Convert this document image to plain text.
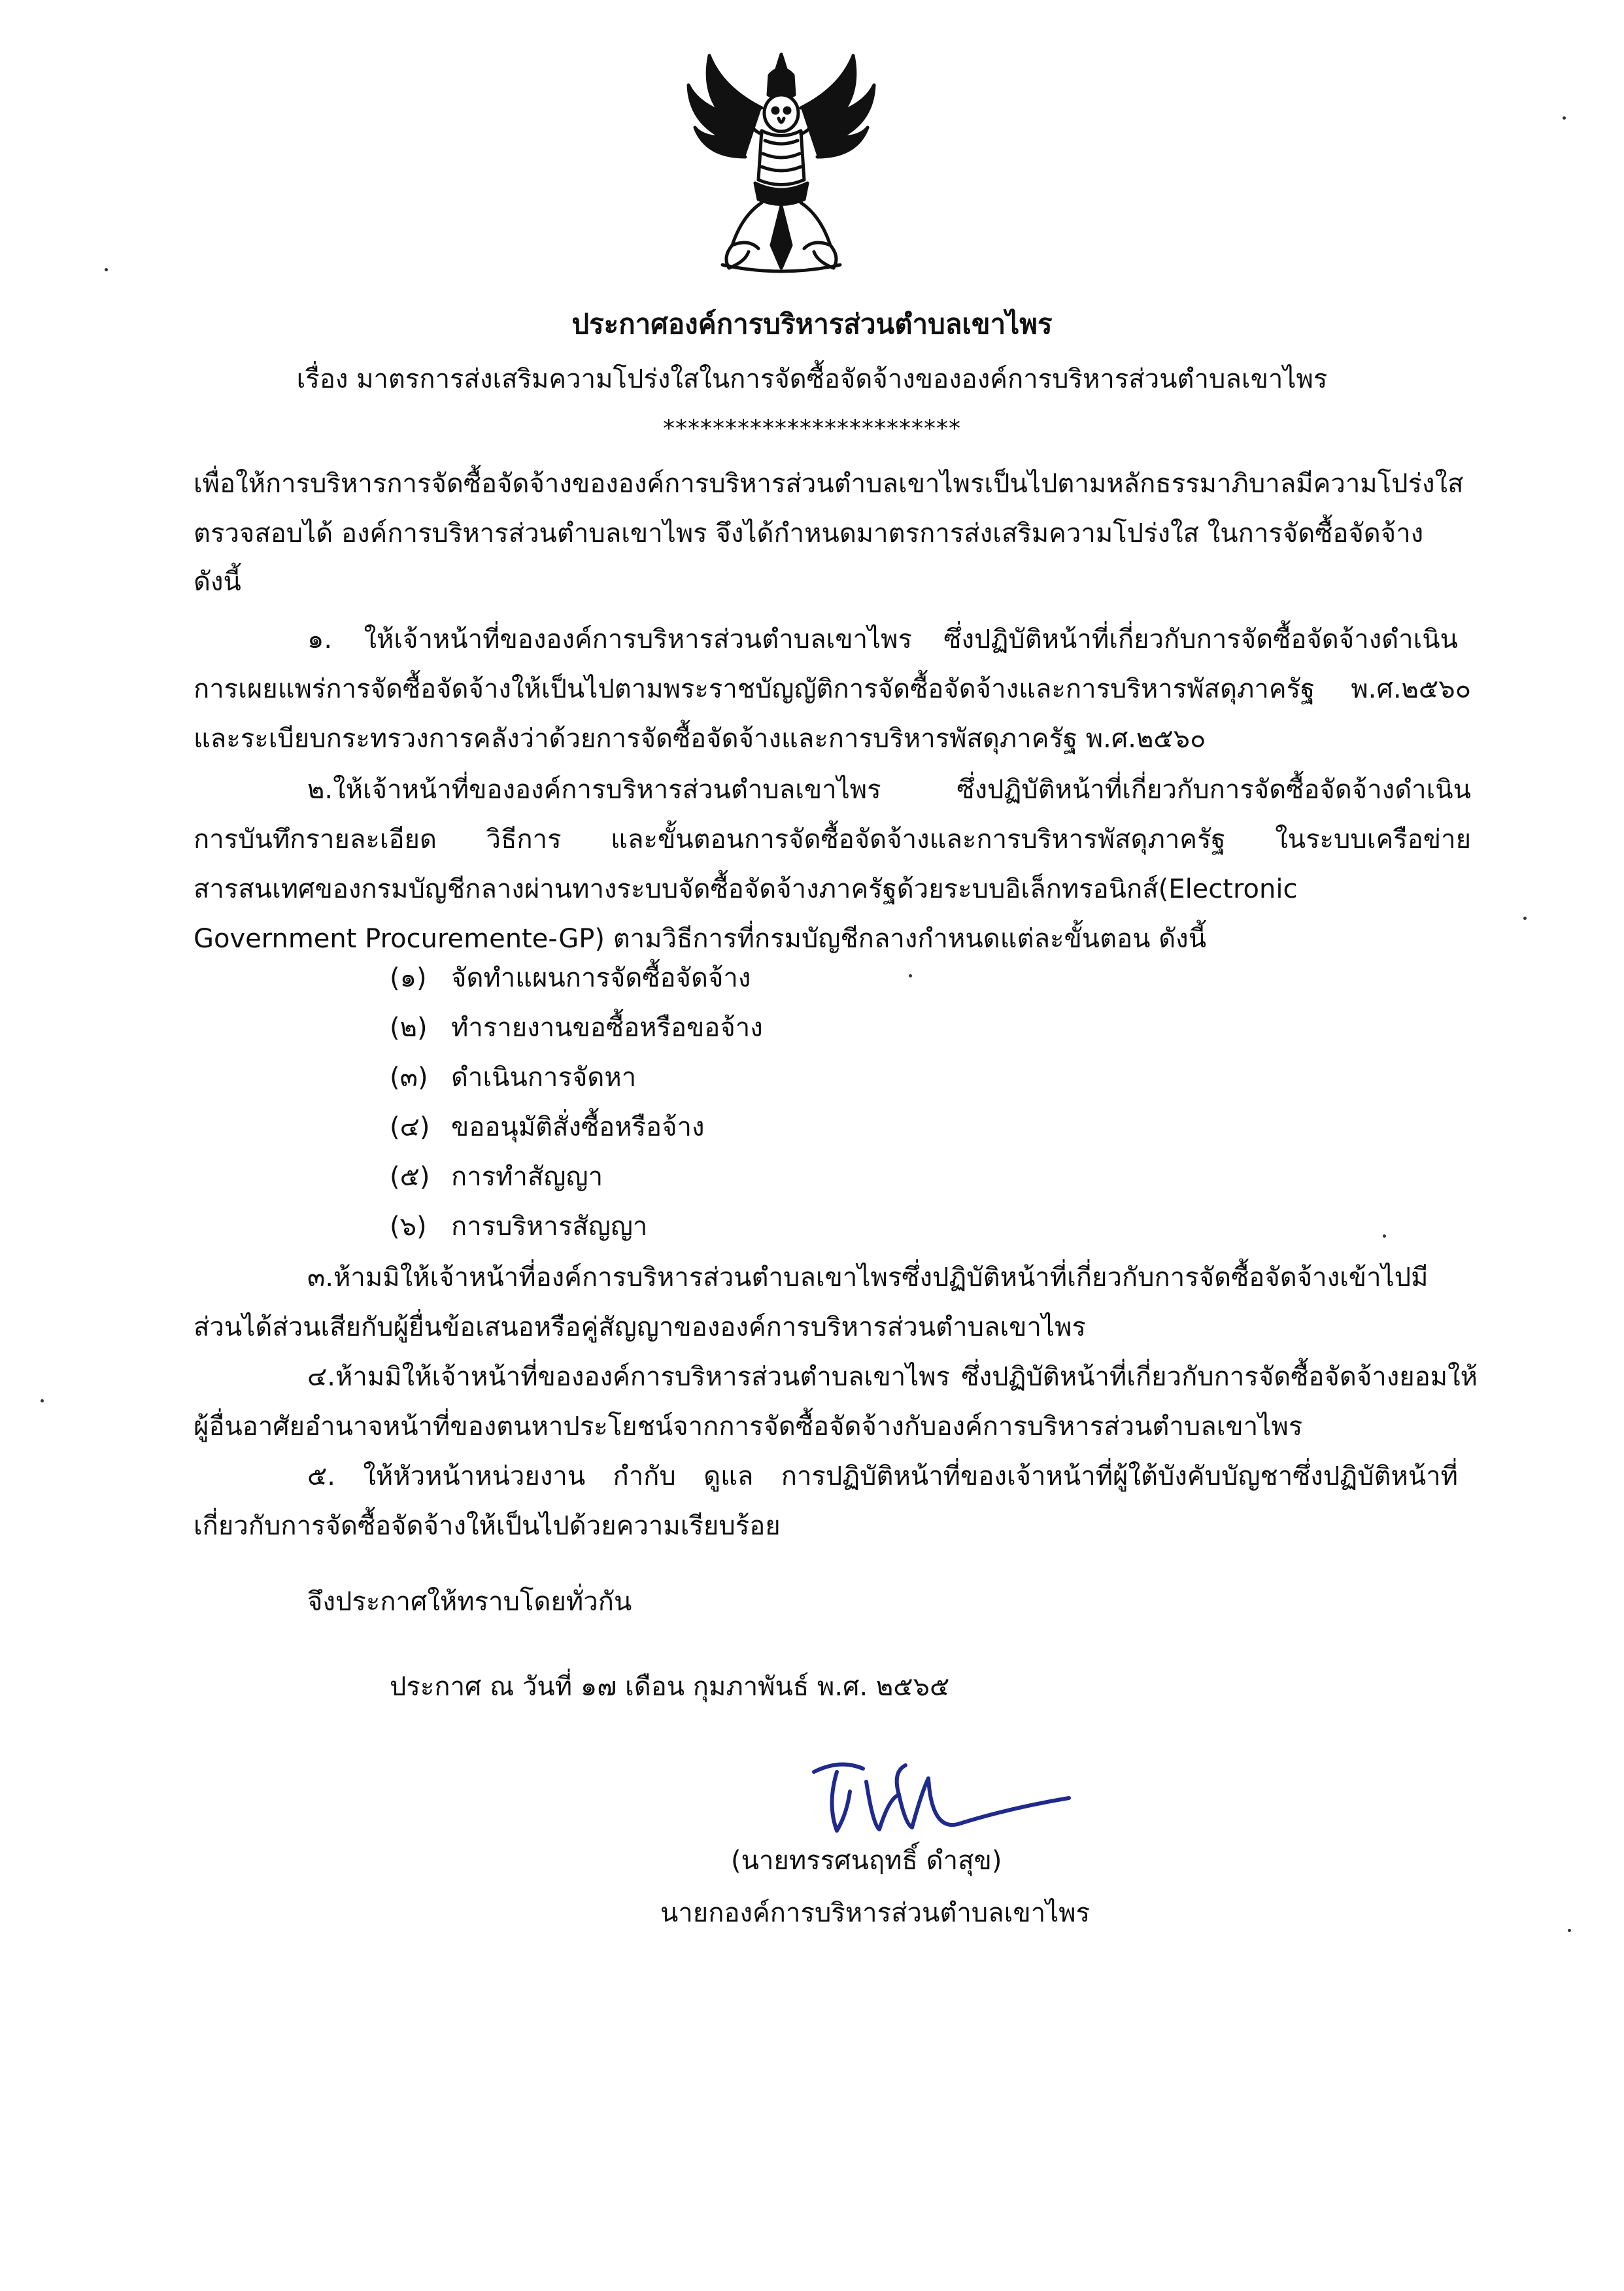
ประกาศองค์การบริหารส่วนตำบลเขาไพร
เรื่อง มาตรการส่งเสริมความโปร่งใสในการจัดซื้อจัดจ้างขององค์การบริหารส่วนตำบลเขาไพร
************************
เพื่อให้การบริหารการจัดซื้อจัดจ้างขององค์การบริหารส่วนตำบลเขาไพรเป็นไปตามหลักธรรมาภิบาลมีความโปร่งใส
ตรวจสอบได้ องค์การบริหารส่วนตำบลเขาไพร จึงได้กำหนดมาตรการส่งเสริมความโปร่งใส ในการจัดซื้อจัดจ้าง
ดังนี้
๑. ให้เจ้าหน้าที่ขององค์การบริหารส่วนตำบลเขาไพร ซึ่งปฏิบัติหน้าที่เกี่ยวกับการจัดซื้อจัดจ้างดำเนิน
การเผยแพร่การจัดซื้อจัดจ้างให้เป็นไปตามพระราชบัญญัติการจัดซื้อจัดจ้างและการบริหารพัสดุภาครัฐ พ.ศ.๒๕๖๐
และระเบียบกระทรวงการคลังว่าด้วยการจัดซื้อจัดจ้างและการบริหารพัสดุภาครัฐ พ.ศ.๒๕๖๐
๒.ให้เจ้าหน้าที่ขององค์การบริหารส่วนตำบลเขาไพร ซึ่งปฏิบัติหน้าที่เกี่ยวกับการจัดซื้อจัดจ้างดำเนิน
การบันทึกรายละเอียด วิธีการ และขั้นตอนการจัดซื้อจัดจ้างและการบริหารพัสดุภาครัฐ ในระบบเครือข่าย
สารสนเทศของกรมบัญชีกลางผ่านทางระบบจัดซื้อจัดจ้างภาครัฐด้วยระบบอิเล็กทรอนิกส์(Electronic
Government Procuremente-GP) ตามวิธีการที่กรมบัญชีกลางกำหนดแต่ละขั้นตอน ดังนี้
(๑) จัดทำแผนการจัดซื้อจัดจ้าง
(๒) ทำรายงานขอซื้อหรือขอจ้าง
(๓) ดำเนินการจัดหา
(๔) ขออนุมัติสั่งซื้อหรือจ้าง
(๕) การทำสัญญา
(๖) การบริหารสัญญา
๓.ห้ามมิให้เจ้าหน้าที่องค์การบริหารส่วนตำบลเขาไพรซึ่งปฏิบัติหน้าที่เกี่ยวกับการจัดซื้อจัดจ้างเข้าไปมี
ส่วนได้ส่วนเสียกับผู้ยื่นข้อเสนอหรือคู่สัญญาขององค์การบริหารส่วนตำบลเขาไพร
๔.ห้ามมิให้เจ้าหน้าที่ขององค์การบริหารส่วนตำบลเขาไพร ซึ่งปฏิบัติหน้าที่เกี่ยวกับการจัดซื้อจัดจ้างยอมให้
ผู้อื่นอาศัยอำนาจหน้าที่ของตนหาประโยชน์จากการจัดซื้อจัดจ้างกับองค์การบริหารส่วนตำบลเขาไพร
๕. ให้หัวหน้าหน่วยงาน กำกับ ดูแล การปฏิบัติหน้าที่ของเจ้าหน้าที่ผู้ใต้บังคับบัญชาซึ่งปฏิบัติหน้าที่
เกี่ยวกับการจัดซื้อจัดจ้างให้เป็นไปด้วยความเรียบร้อย
จึงประกาศให้ทราบโดยทั่วกัน
ประกาศ ณ วันที่ ๑๗ เดือน กุมภาพันธ์ พ.ศ. ๒๕๖๕
(นายทรรศนฤทธิ์ ดำสุข)
นายกองค์การบริหารส่วนตำบลเขาไพร
